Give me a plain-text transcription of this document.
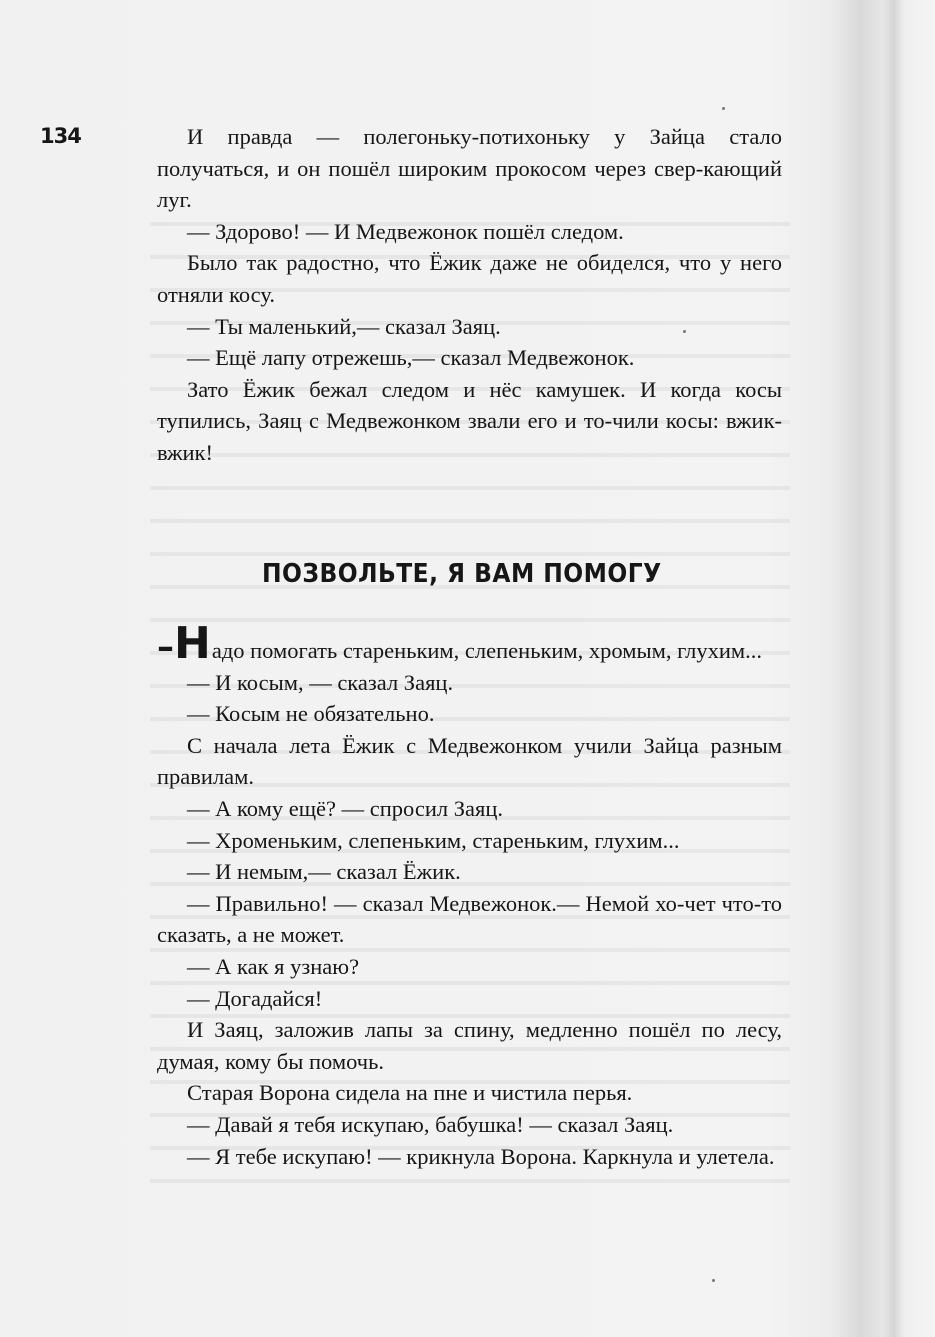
134	И правда — полегоньку-потихоньку у Зайца стало получаться, и он пошёл широким прокосом через свер-кающий луг.

— Здорово! — И Медвежонок пошёл следом.

Было так радостно, что Ёжик даже не обиделся, что у него отняли косу.

— Ты маленький,— сказал Заяц.

— Ещё лапу отрежешь,— сказал Медвежонок.

Зато Ёжик бежал следом и нёс камушек. И когда косы тупились, Заяц с Медвежонком звали его и то-чили косы: вжик-вжик!

ПОЗВОЛЬТЕ, Я ВАМ ПОМОГУ

–Надо помогать стареньким, слепеньким, хромым, глухим...

— И косым, — сказал Заяц.

— Косым не обязательно.

С начала лета Ёжик с Медвежонком учили Зайца разным правилам.

— А кому ещё? — спросил Заяц.

— Хроменьким, слепеньким, стареньким, глухим...

— И немым,— сказал Ёжик.

— Правильно! — сказал Медвежонок.— Немой хо-чет что-то сказать, а не может.

— А как я узнаю?

— Догадайся!

И Заяц, заложив лапы за спину, медленно пошёл по лесу, думая, кому бы помочь.

Старая Ворона сидела на пне и чистила перья.

— Давай я тебя искупаю, бабушка! — сказал Заяц.

— Я тебе искупаю! — крикнула Ворона. Каркнула и улетела.
